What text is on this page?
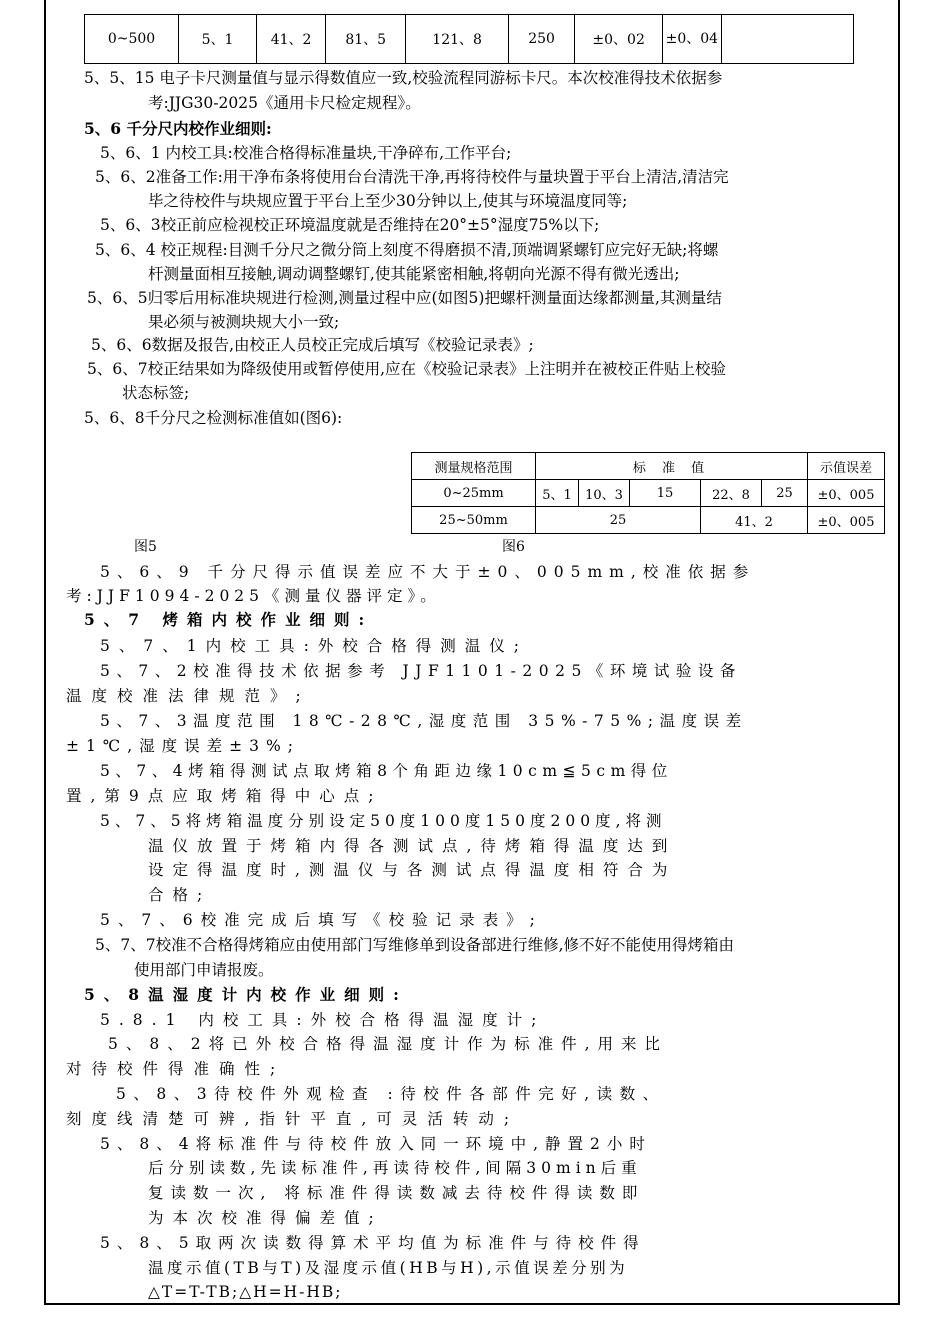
0~500	5、1	41、2	81、5	121、8	250	±0、02	±0、04	
5、5、15 电子卡尺测量值与显示得数值应一致,校验流程同游标卡尺。本次校准得技术依据参
考:JJG30-2025《通用卡尺检定规程》。
5、6 千分尺内校作业细则:
5、6、1 内校工具:校准合格得标准量块,干净碎布,工作平台;
5、6、2准备工作:用干净布条将使用台台清洗干净,再将待校件与量块置于平台上清洁,清洁完
毕之待校件与块规应置于平台上至少30分钟以上,使其与环境温度同等;
5、6、3校正前应检视校正环境温度就是否维持在20°±5°湿度75%以下;
5、6、4 校正规程:目测千分尺之微分筒上刻度不得磨损不清,顶端调紧螺钉应完好无缺;将螺
杆测量面相互接触,调动调整螺钉,使其能紧密相触,将朝向光源不得有微光透出;
5、6、5归零后用标准块规进行检测,测量过程中应(如图5)把螺杆测量面达缘都测量,其测量结
果必须与被测块规大小一致;
5、6、6数据及报告,由校正人员校正完成后填写《校验记录表》;
5、6、7校正结果如为降级使用或暂停使用,应在《校验记录表》上注明并在被校正件贴上校验
状态标签;
5、6、8千分尺之检测标准值如(图6):
测量规格范围	标 准 值					示值误差
0~25mm	5、1	10、3	15	22、8	25	±0、005
25~50mm	25			41、2		±0、005
图5	图6
5、6、9 千分尺得示值误差应不大于±0、005mm,校准依据参
考:JJF1094-2025《测量仪器评定》。
5、7 烤箱内校作业细则:
5、7、1内校工具:外校合格得测温仪;
5、7、2校准得技术依据参考 JJF1101-2025《环境试验设备
温度校准法律规范》;
5、7、3温度范围 18℃-28℃,湿度范围 35%-75%;温度误差
±1℃,湿度误差±3%;
5、7、4烤箱得测试点取烤箱8个角距边缘10cm≦5cm得位
置,第9点应取烤箱得中心点;
5、7、5将烤箱温度分别设定50度100度150度200度,将测
温仪放置于烤箱内得各测试点,待烤箱得温度达到
设定得温度时,测温仪与各测试点得温度相符合为
合格;
5、7、6校准完成后填写《校验记录表》;
5、7、7校准不合格得烤箱应由使用部门写维修单到设备部进行维修,修不好不能使用得烤箱由
使用部门申请报废。
5、8温湿度计内校作业细则:
5.8.1 内校工具:外校合格得温湿度计;
5、8、2将已外校合格得温湿度计作为标准件,用来比
对待校件得准确性;
5、8、3待校件外观检查 :待校件各部件完好,读数、
刻度线清楚可辨,指针平直,可灵活转动;
5、8、4将标准件与待校件放入同一环境中,静置2小时
后分别读数,先读标准件,再读待校件,间隔30min后重
复读数一次, 将标准件得读数减去待校件得读数即
为本次校准得偏差值;
5、8、5取两次读数得算术平均值为标准件与待校件得
温度示值(TB与T)及湿度示值(HB与H),示值误差分别为
△T=T-TB;△H=H-HB;
